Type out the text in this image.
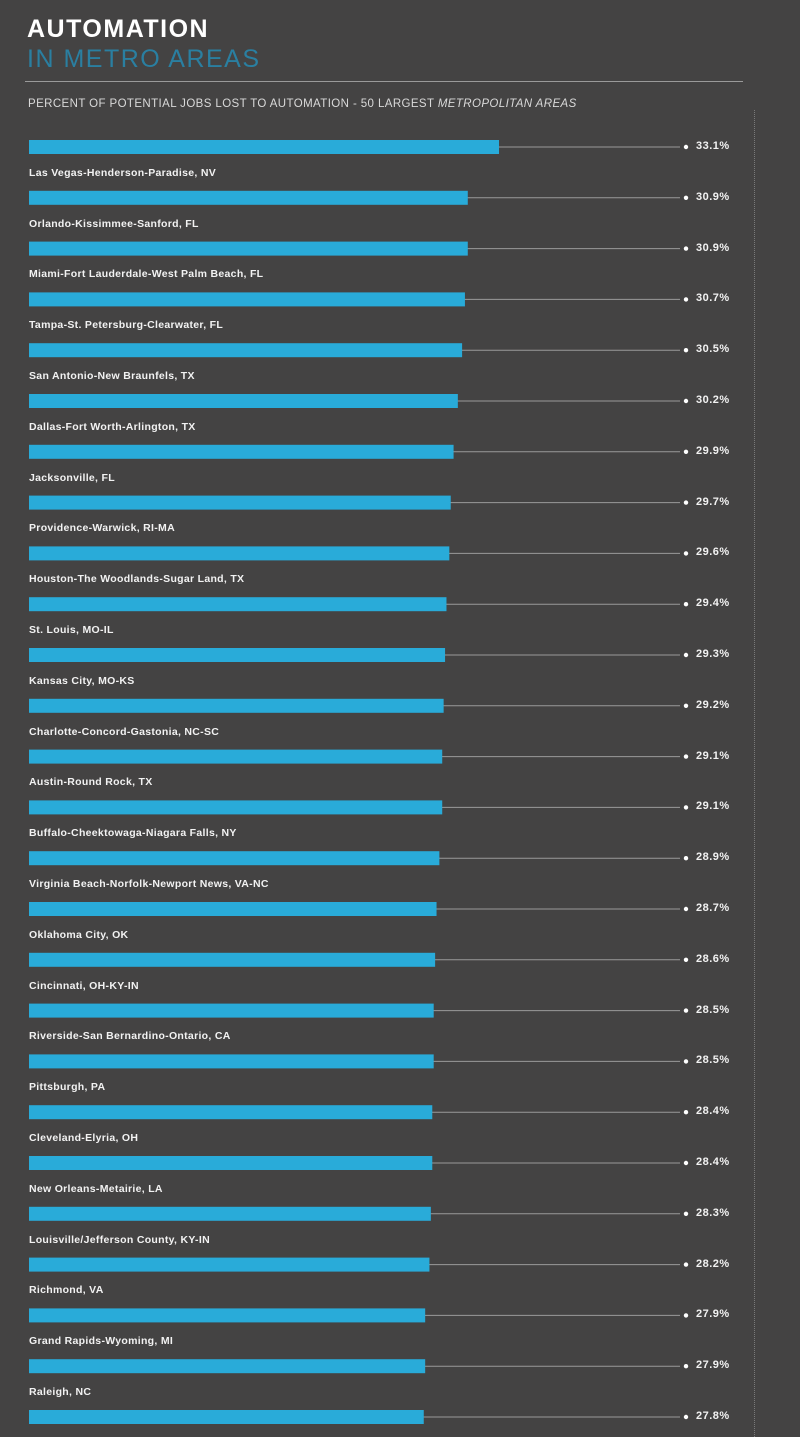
AUTOMATION
IN METRO AREAS
PERCENT OF POTENTIAL JOBS LOST TO AUTOMATION - 50 LARGEST METROPOLITAN AREAS
33.1%
30.9%
Las Vegas-Henderson-Paradise, NV
30.9%
Orlando-Kissimmee-Sanford, FL
30.7%
Miami-Fort Lauderdale-West Palm Beach, FL
30.5%
Tampa-St. Petersburg-Clearwater, FL
30.2%
San Antonio-New Braunfels, TX
29.9%
Dallas-Fort Worth-Arlington, TX
29.7%
Jacksonville, FL
29.6%
Providence-Warwick, RI-MA
29.4%
Houston-The Woodlands-Sugar Land, TX
29.3%
St. Louis, MO-IL
29.2%
Kansas City, MO-KS
29.1%
Charlotte-Concord-Gastonia, NC-SC
29.1%
Austin-Round Rock, TX
28.9%
Buffalo-Cheektowaga-Niagara Falls, NY
28.7%
Virginia Beach-Norfolk-Newport News, VA-NC
28.6%
Oklahoma City, OK
28.5%
Cincinnati, OH-KY-IN
28.5%
Riverside-San Bernardino-Ontario, CA
28.4%
Pittsburgh, PA
28.4%
Cleveland-Elyria, OH
28.3%
New Orleans-Metairie, LA
28.2%
Louisville/Jefferson County, KY-IN
27.9%
Richmond, VA
27.9%
Grand Rapids-Wyoming, MI
27.8%
Raleigh, NC
